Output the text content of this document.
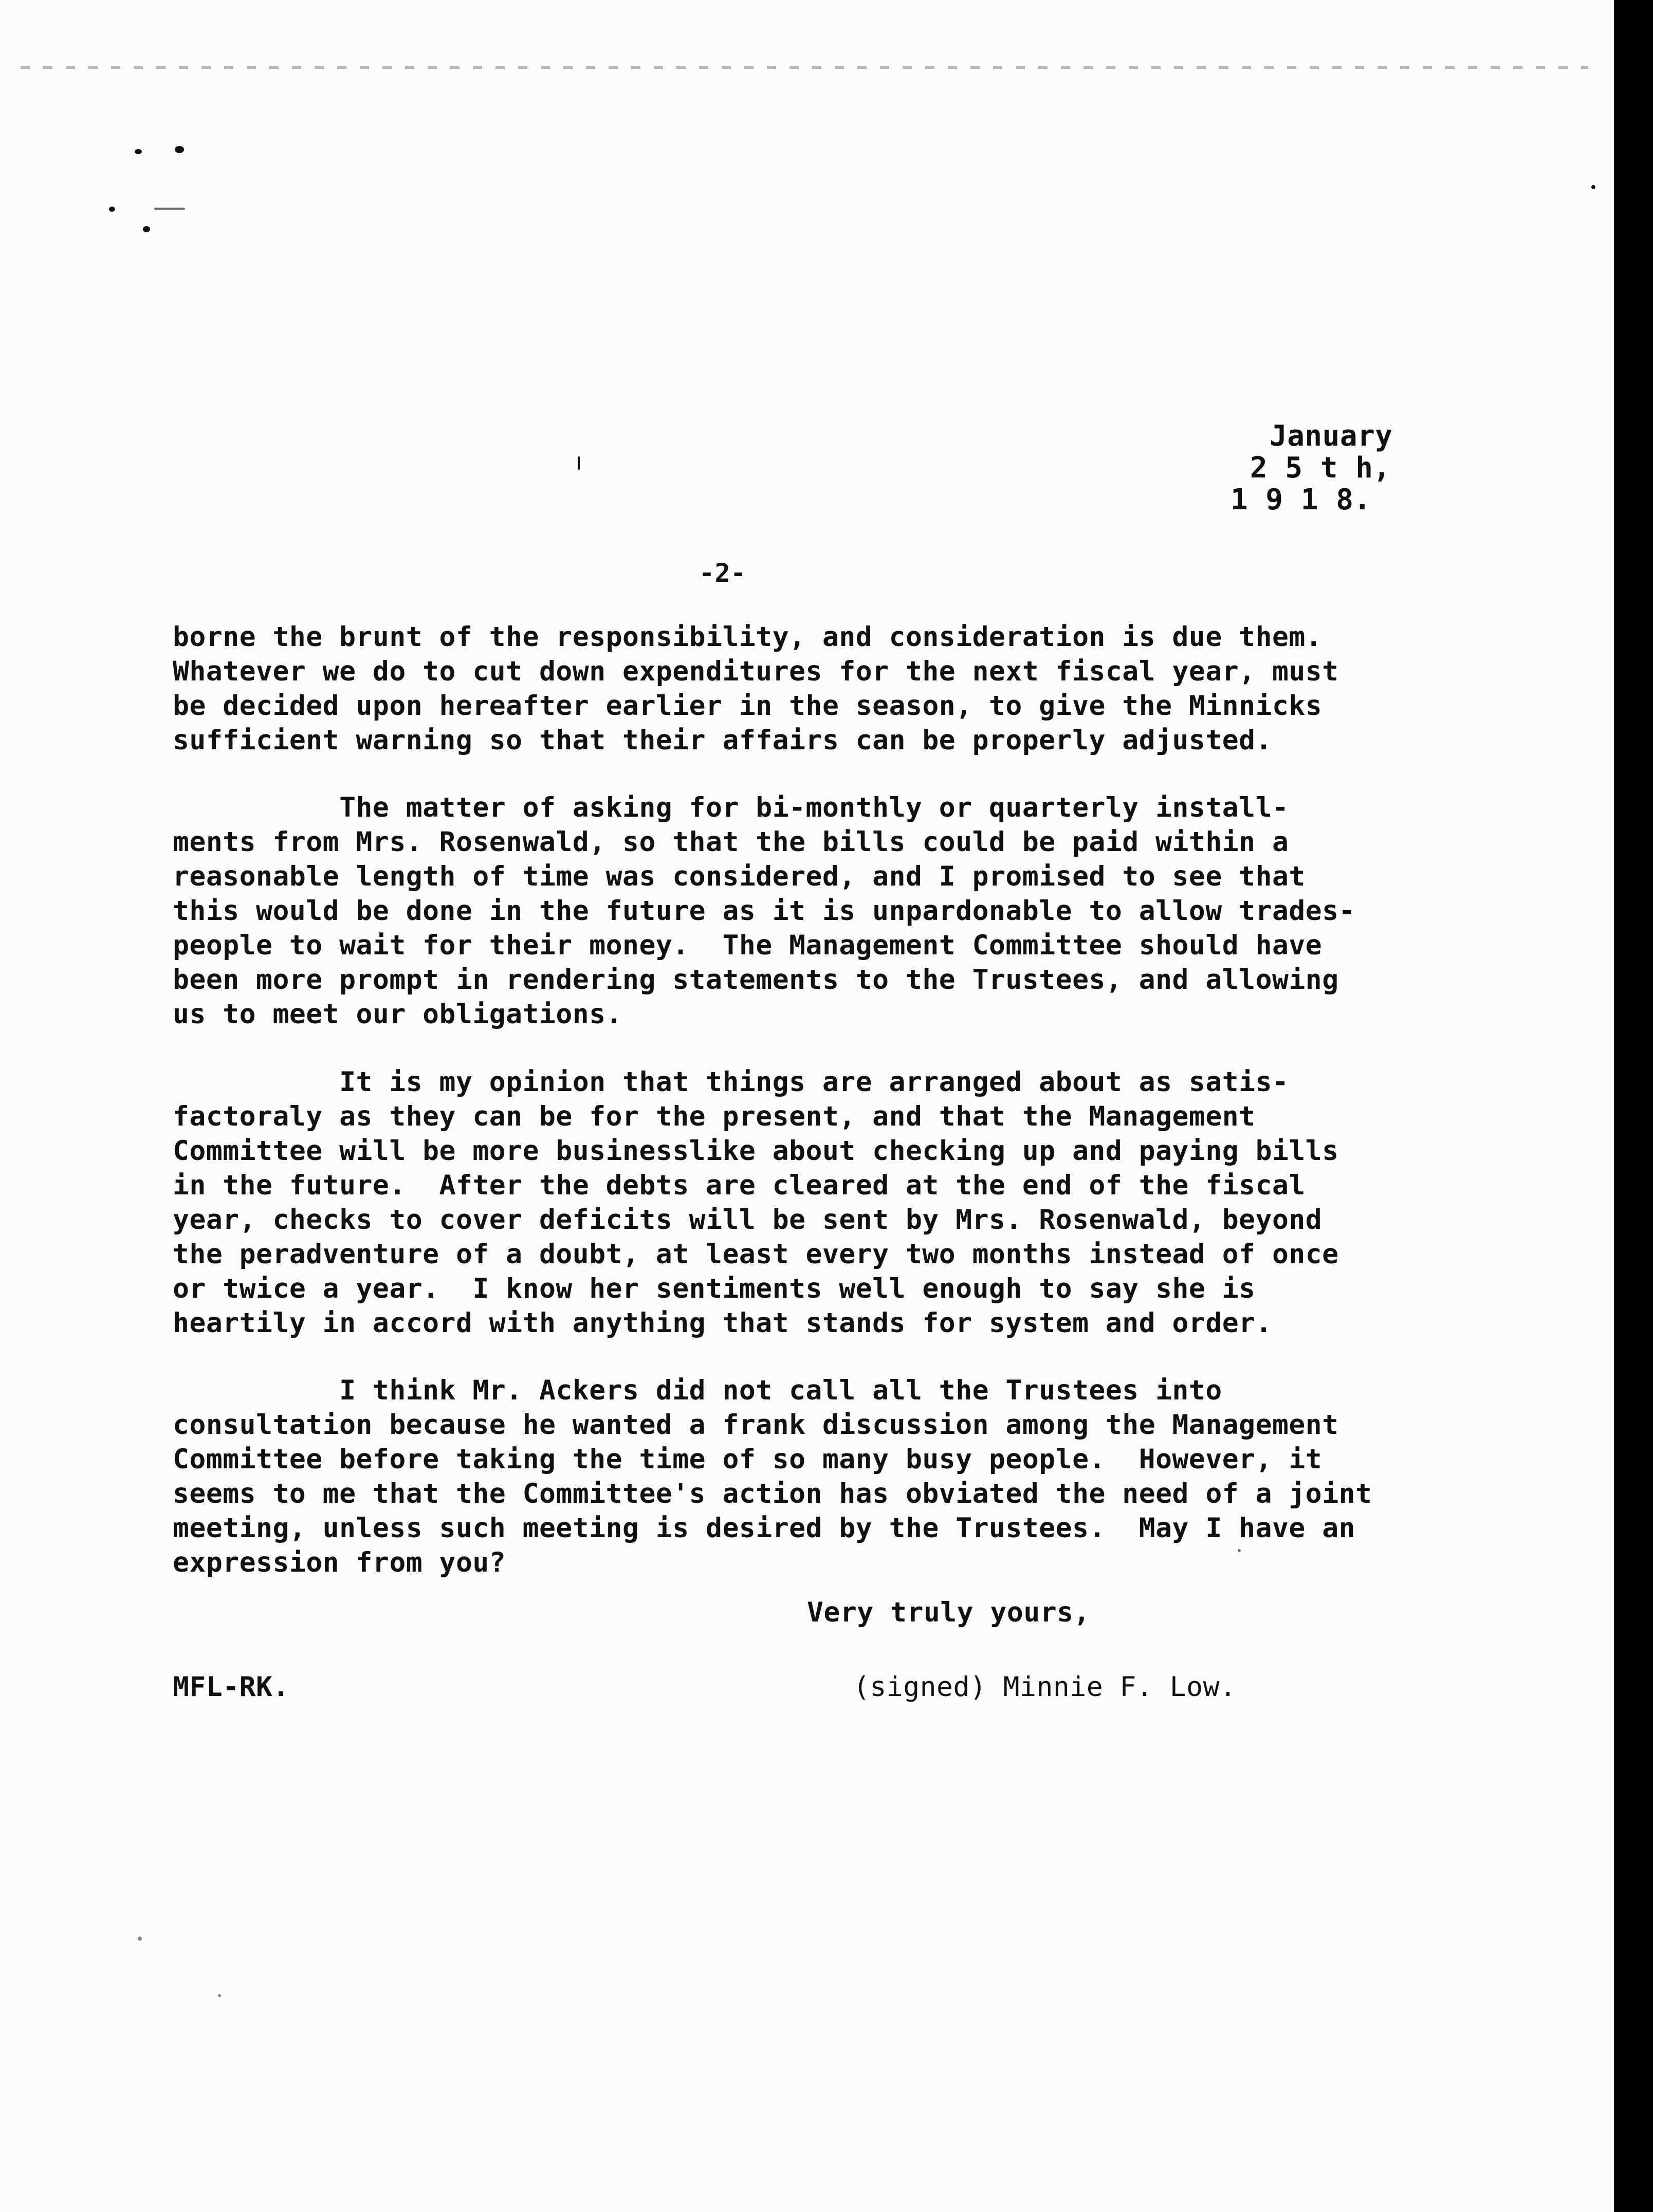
January
2 5 t h,
1 9 1 8.
-2-
borne the brunt of the responsibility, and consideration is due them.
Whatever we do to cut down expenditures for the next fiscal year, must
be decided upon hereafter earlier in the season, to give the Minnicks
sufficient warning so that their affairs can be properly adjusted.
The matter of asking for bi-monthly or quarterly install-
ments from Mrs. Rosenwald, so that the bills could be paid within a
reasonable length of time was considered, and I promised to see that
this would be done in the future as it is unpardonable to allow trades-
people to wait for their money.  The Management Committee should have
been more prompt in rendering statements to the Trustees, and allowing
us to meet our obligations.
It is my opinion that things are arranged about as satis-
factoraly as they can be for the present, and that the Management
Committee will be more businesslike about checking up and paying bills
in the future.  After the debts are cleared at the end of the fiscal
year, checks to cover deficits will be sent by Mrs. Rosenwald, beyond
the peradventure of a doubt, at least every two months instead of once
or twice a year.  I know her sentiments well enough to say she is
heartily in accord with anything that stands for system and order.
I think Mr. Ackers did not call all the Trustees into
consultation because he wanted a frank discussion among the Management
Committee before taking the time of so many busy people.  However, it
seems to me that the Committee's action has obviated the need of a joint
meeting, unless such meeting is desired by the Trustees.  May I have an
expression from you?
Very truly yours,
MFL-RK.	(signed) Minnie F. Low.
